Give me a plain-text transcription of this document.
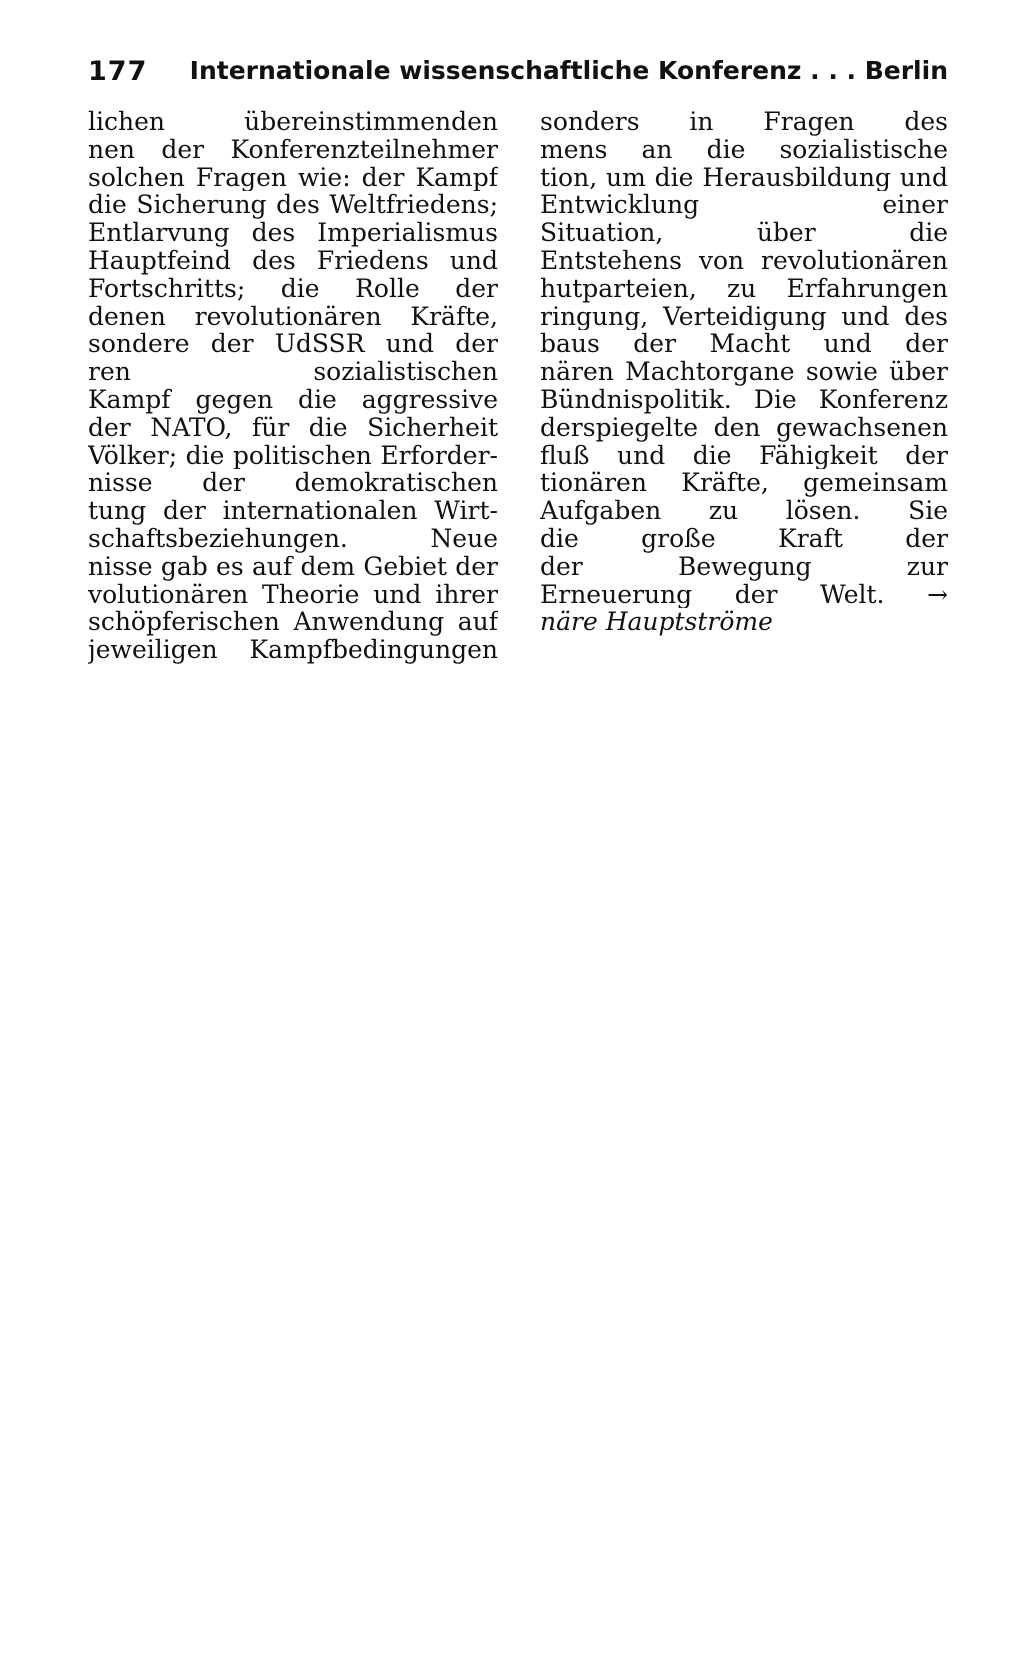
177 Internationale wissenschaftliche Konferenz . . . Berlin
lichen übereinstimmenden
nen der Konferenzteilnehmer
solchen Fragen wie: der Kampf
die Sicherung des Weltfriedens;
Entlarvung des Imperialismus
Hauptfeind des Friedens und
Fortschritts; die Rolle der
denen revolutionären Kräfte,
sondere der UdSSR und der
ren sozialistischen
Kampf gegen die aggressive
der NATO, für die Sicherheit
Völker; die politischen Erforder-
nisse der demokratischen
tung der internationalen Wirt-
schaftsbeziehungen. Neue
nisse gab es auf dem Gebiet der
volutionären Theorie und ihrer
schöpferischen Anwendung auf
jeweiligen Kampfbedingungen
sonders in Fragen des
mens an die sozialistische
tion, um die Herausbildung und
Entwicklung einer
Situation, über die
Entstehens von revolutionären
hutparteien, zu Erfahrungen
ringung, Verteidigung und des
baus der Macht und der
nären Machtorgane sowie über
Bündnispolitik. Die Konferenz
derspiegelte den gewachsenen
fluß und die Fähigkeit der
tionären Kräfte, gemeinsam
Aufgaben zu lösen. Sie
die große Kraft der
der Bewegung zur
Erneuerung der Welt. →
näre Hauptströme
